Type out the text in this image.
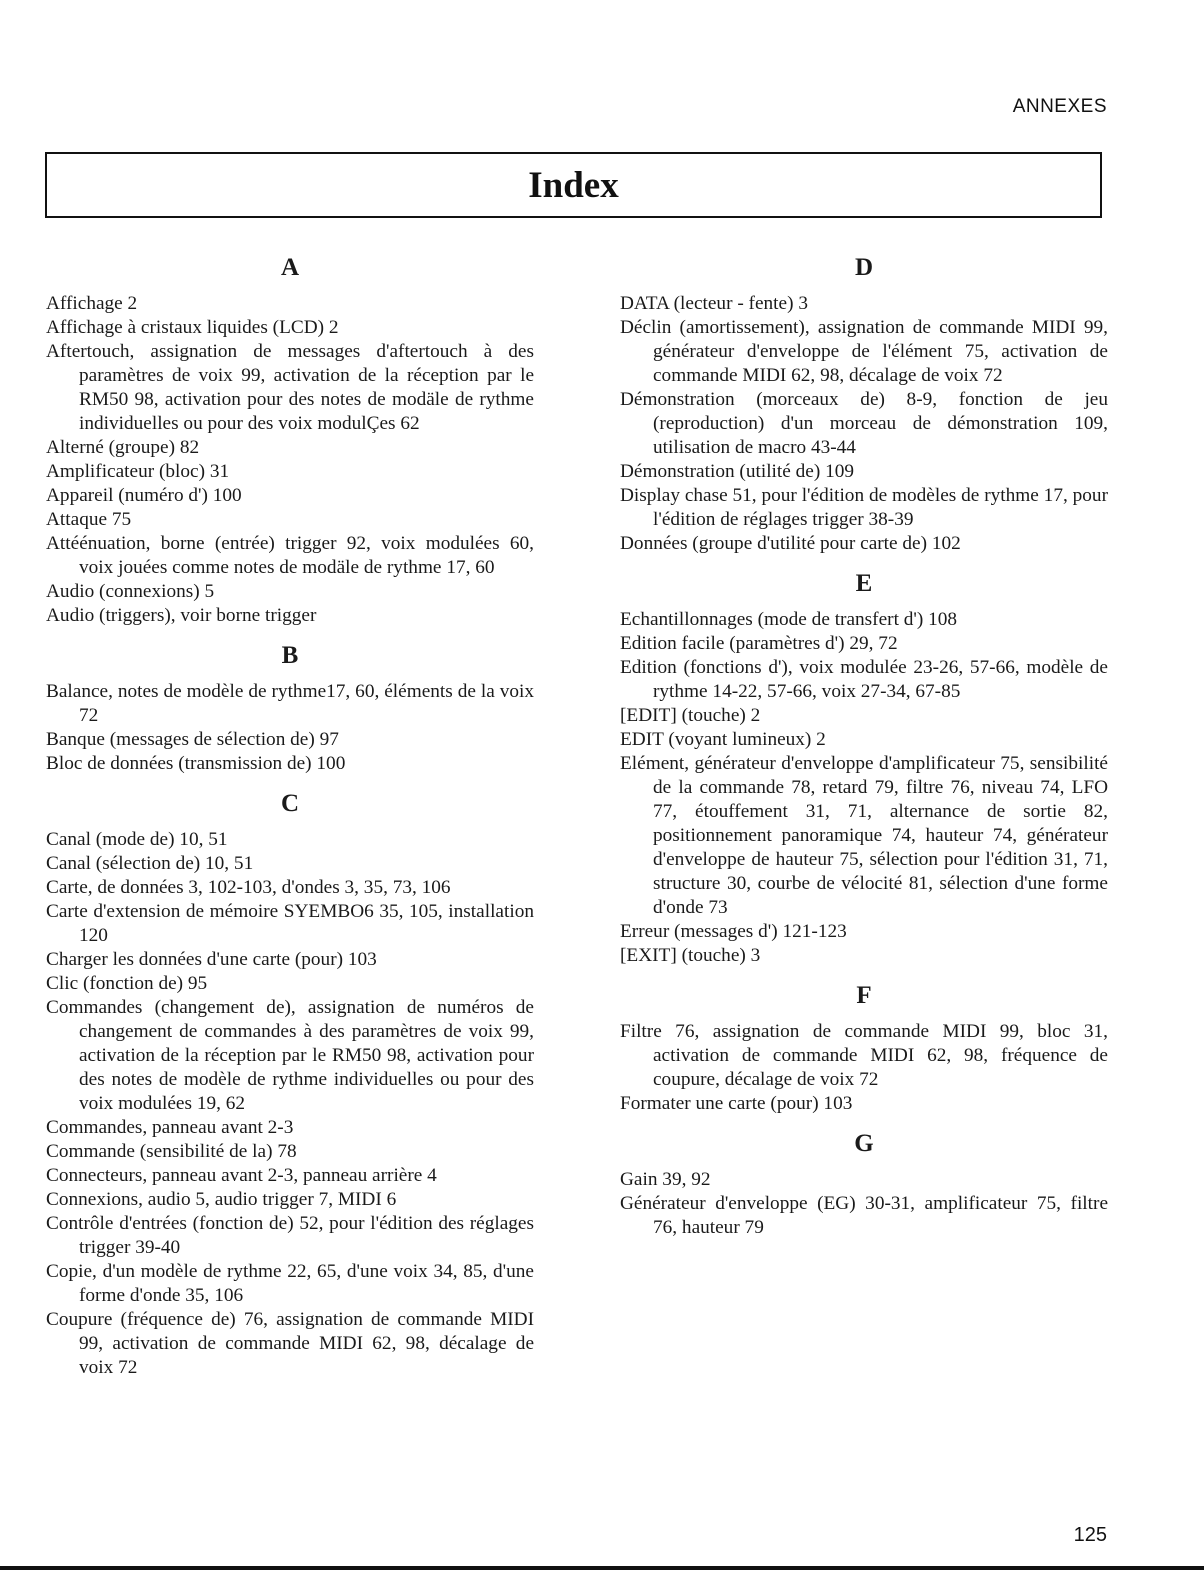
ANNEXES
Index
A

Affichage 2

Affichage à cristaux liquides (LCD) 2

Aftertouch, assignation de messages d'aftertouch à des paramètres de voix 99, activation de la réception par le RM50 98, activation pour des notes de modäle de rythme individuelles ou pour des voix modulÇes 62

Alterné (groupe) 82

Amplificateur (bloc) 31

Appareil (numéro d') 100

Attaque 75

Attéénuation, borne (entrée) trigger 92, voix modulées 60, voix jouées comme notes de modäle de rythme 17, 60

Audio (connexions) 5

Audio (triggers), voir borne trigger

B

Balance, notes de modèle de rythme17, 60, éléments de la voix 72

Banque (messages de sélection de) 97

Bloc de données (transmission de) 100

C

Canal (mode de) 10, 51

Canal (sélection de) 10, 51

Carte, de données 3, 102-103, d'ondes 3, 35, 73, 106

Carte d'extension de mémoire SYEMBO6 35, 105, installation 120

Charger les données d'une carte (pour) 103

Clic (fonction de) 95

Commandes (changement de), assignation de numéros de changement de commandes à des paramètres de voix 99, activation de la réception par le RM50 98, activation pour des notes de modèle de rythme individuelles ou pour des voix modulées 19, 62

Commandes, panneau avant 2-3

Commande (sensibilité de la) 78

Connecteurs, panneau avant 2-3, panneau arrière 4

Connexions, audio 5, audio trigger 7, MIDI 6

Contrôle d'entrées (fonction de) 52, pour l'édition des réglages trigger 39-40

Copie, d'un modèle de rythme 22, 65, d'une voix 34, 85, d'une forme d'onde 35, 106

Coupure (fréquence de) 76, assignation de commande MIDI 99, activation de commande MIDI 62, 98, décalage de voix 72

D

DATA (lecteur - fente) 3

Déclin (amortissement), assignation de commande MIDI 99, générateur d'enveloppe de l'élément 75, activation de commande MIDI 62, 98, décalage de voix 72

Démonstration (morceaux de) 8-9, fonction de jeu (reproduction) d'un morceau de démonstration 109, utilisation de macro 43-44

Démonstration (utilité de) 109

Display chase 51, pour l'édition de modèles de rythme 17, pour l'édition de réglages trigger 38-39

Données (groupe d'utilité pour carte de) 102

E

Echantillonnages (mode de transfert d') 108

Edition facile (paramètres d') 29, 72

Edition (fonctions d'), voix modulée 23-26, 57-66, modèle de rythme 14-22, 57-66, voix 27-34, 67-85

[EDIT] (touche) 2

EDIT (voyant lumineux) 2

Elément, générateur d'enveloppe d'amplificateur 75, sensibilité de la commande 78, retard 79, filtre 76, niveau 74, LFO 77, étouffement 31, 71, alternance de sortie 82, positionnement panoramique 74, hauteur 74, générateur d'enveloppe de hauteur 75, sélection pour l'édition 31, 71, structure 30, courbe de vélocité 81, sélection d'une forme d'onde 73

Erreur (messages d') 121-123

[EXIT] (touche) 3

F

Filtre 76, assignation de commande MIDI 99, bloc 31, activation de commande MIDI 62, 98, fréquence de coupure, décalage de voix 72

Formater une carte (pour) 103

G

Gain 39, 92

Générateur d'enveloppe (EG) 30-31, amplificateur 75, filtre 76, hauteur 79

125
